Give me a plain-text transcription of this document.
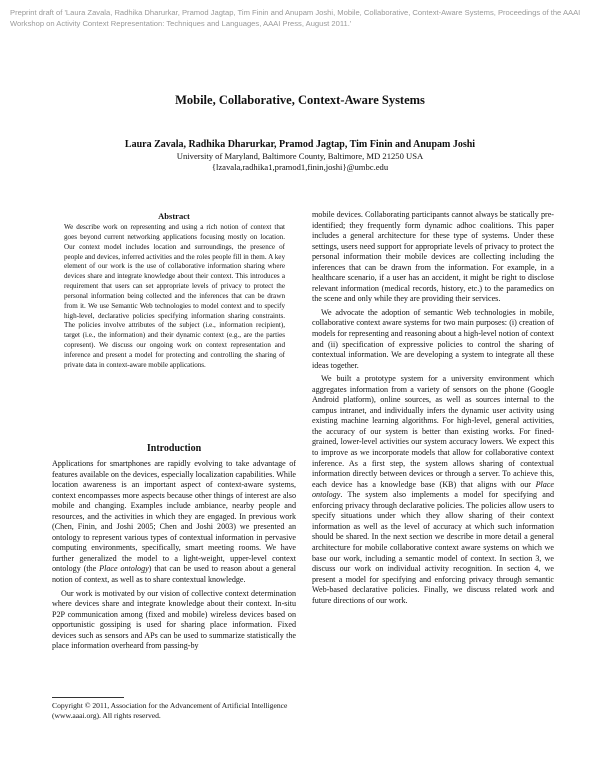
Preprint draft of 'Laura Zavala, Radhika Dharurkar, Pramod Jagtap, Tim Finin and Anupam Joshi, Mobile, Collaborative, Context-Aware Systems, Proceedings of the AAAI Workshop on Activity Context Representation: Techniques and Languages, AAAI Press, August 2011.'

Mobile, Collaborative, Context-Aware Systems

Laura Zavala, Radhika Dharurkar, Pramod Jagtap, Tim Finin and Anupam Joshi

University of Maryland, Baltimore County, Baltimore, MD 21250 USA

{lzavala,radhika1,pramod1,finin,joshi}@umbc.edu

Abstract

We describe work on representing and using a rich notion of context that goes beyond current networking applications focusing mostly on location. Our context model includes location and surroundings, the presence of people and devices, inferred activities and the roles people fill in them. A key element of our work is the use of collaborative information sharing where devices share and integrate knowledge about their context. This introduces a requirement that users can set appropriate levels of privacy to protect the personal information being collected and the inferences that can be drawn from it. We use Semantic Web technologies to model context and to specify high-level, declarative policies specifying information sharing constraints. The policies involve attributes of the subject (i.e., information recipient), target (i.e., the information) and their dynamic context (e.g., are the parties copresent). We discuss our ongoing work on context representation and inference and present a model for protecting and controlling the sharing of private data in context-aware mobile applications.

Introduction

Applications for smartphones are rapidly evolving to take advantage of features available on the devices, especially localization capabilities. While location awareness is an important aspect of context-aware systems, context encompasses more aspects because other things of interest are also mobile and changing. Examples include ambiance, nearby people and resources, and the activities in which they are engaged. In previous work (Chen, Finin, and Joshi 2005; Chen and Joshi 2003) we presented an ontology to represent various types of contextual information in pervasive computing environments, specifically, smart meeting rooms. We have further generalized the model to a light-weight, upper-level context ontology (the Place ontology) that can be used to reason about a general notion of context, as well as to share contextual knowledge.

Our work is motivated by our vision of collective context determination where devices share and integrate knowledge about their context. In-situ P2P communication among (fixed and mobile) wireless devices based on opportunistic gossiping is used for sharing place information. Fixed devices such as sensors and APs can be used to summarize statistically the place information overheard from passing-by

mobile devices. Collaborating participants cannot always be statically pre-identified; they frequently form dynamic adhoc coalitions. This paper includes a general architecture for these type of systems. Under these settings, users need support for appropriate levels of privacy to protect the personal information their mobile devices are collecting including the inferences that can be drawn from the information. For example, in a healthcare scenario, if a user has an accident, it might be right to disclose relevant information (medical records, history, etc.) to the paramedics on the scene and only while they are providing their services.

We advocate the adoption of semantic Web technologies in mobile, collaborative context aware systems for two main purposes: (i) creation of models for representing and reasoning about a high-level notion of context and (ii) specification of expressive policies to control the sharing of contextual information. We are developing a system to integrate all these ideas together.

We built a prototype system for a university environment which aggregates information from a variety of sensors on the phone (Google Android platform), online sources, as well as sources internal to the campus intranet, and individually infers the dynamic user activity using existing machine learning algorithms. For high-level, general activities, the accuracy of our system is better than existing works. For fined-grained, lower-level activities our system accuracy lowers. We expect this to improve as we incorporate models that allow for collaborative context inference. As a first step, the system allows sharing of contextual information directly between devices or through a server. To achieve this, each device has a knowledge base (KB) that aligns with our Place ontology. The system also implements a model for specifying and enforcing privacy through declarative policies. The policies allow users to specify situations under which they allow sharing of their context information as well as the level of accuracy at which such information should be shared. In the next section we describe in more detail a general architecture for mobile collaborative context aware systems on which we base our work, including a semantic model of context. In section 3, we discuss our work on individual activity recognition. In section 4, we present a model for specifying and enforcing privacy through semantic Web-based declarative policies. Finally, we discuss related work and future directions of our work.

Copyright © 2011, Association for the Advancement of Artificial Intelligence (www.aaai.org). All rights reserved.
